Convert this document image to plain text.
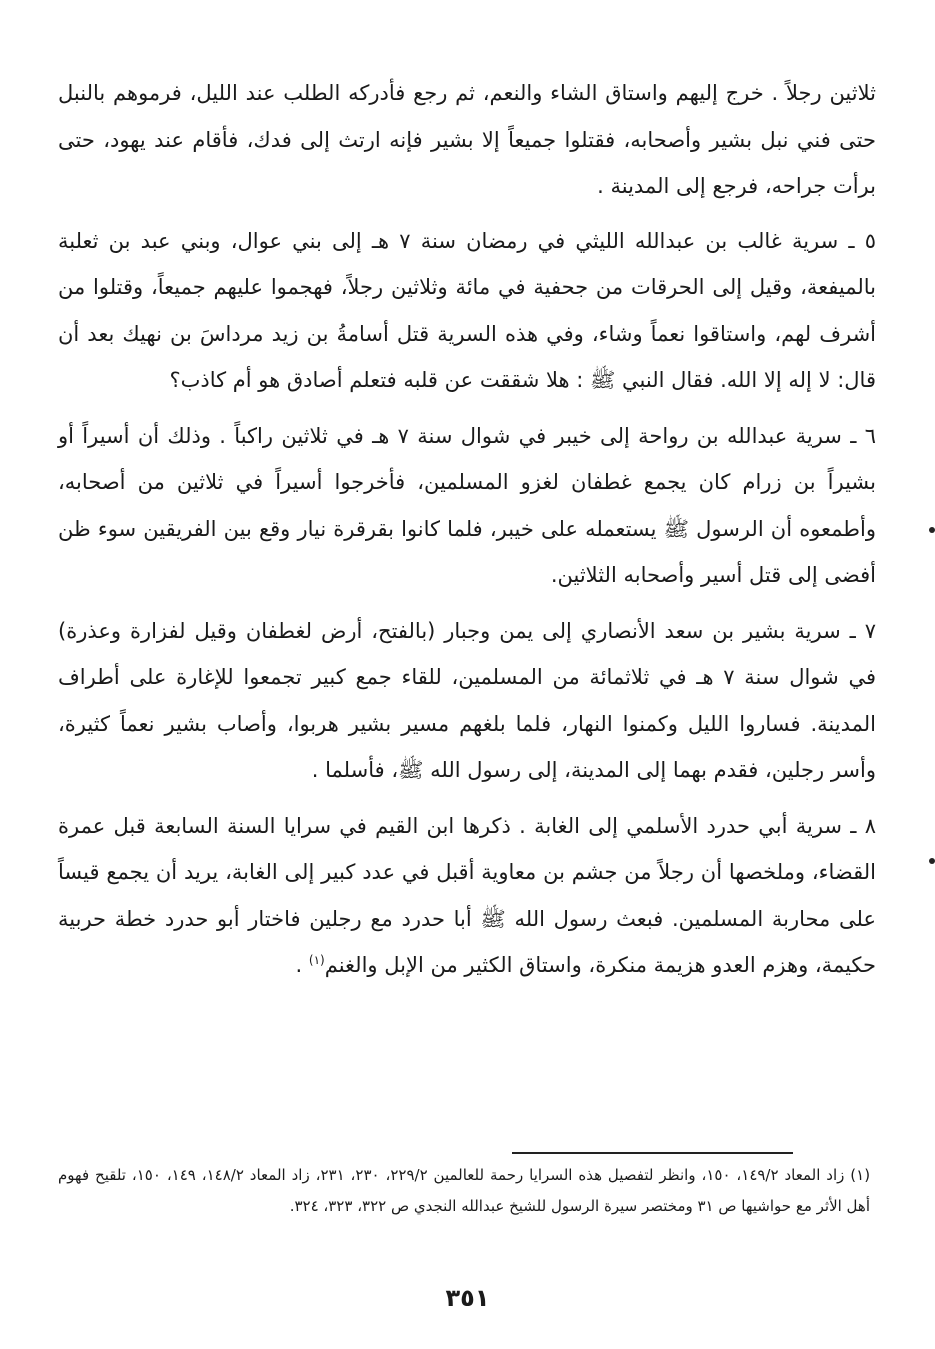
ثلاثين رجلاً . خرج إليهم واستاق الشاء والنعم، ثم رجع فأدركه الطلب عند الليل، فرموهم بالنبل حتى فني نبل بشير وأصحابه، فقتلوا جميعاً إلا بشير فإنه ارتث إلى فدك، فأقام عند يهود، حتى برأت جراحه، فرجع إلى المدينة .

٥ ـ سرية غالب بن عبدالله الليثي في رمضان سنة ٧ هـ إلى بني عوال، وبني عبد بن ثعلبة بالميفعة، وقيل إلى الحرقات من جحفية في مائة وثلاثين رجلاً، فهجموا عليهم جميعاً، وقتلوا من أشرف لهم، واستاقوا نعماً وشاء، وفي هذه السرية قتل أسامةُ بن زيد مرداسَ بن نهيك بعد أن قال: لا إله إلا الله. فقال النبي ﷺ : هلا شققت عن قلبه فتعلم أصادق هو أم كاذب؟

٦ ـ سرية عبدالله بن رواحة إلى خيبر في شوال سنة ٧ هـ في ثلاثين راكباً . وذلك أن أسيراً أو بشيراً بن زرام كان يجمع غطفان لغزو المسلمين، فأخرجوا أسيراً في ثلاثين من أصحابه، وأطمعوه أن الرسول ﷺ يستعمله على خيبر، فلما كانوا بقرقرة نيار وقع بين الفريقين سوء ظن أفضى إلى قتل أسير وأصحابه الثلاثين.

٧ ـ سرية بشير بن سعد الأنصاري إلى يمن وجبار (بالفتح، أرض لغطفان وقيل لفزارة وعذرة) في شوال سنة ٧ هـ في ثلاثمائة من المسلمين، للقاء جمع كبير تجمعوا للإغارة على أطراف المدينة. فساروا الليل وكمنوا النهار، فلما بلغهم مسير بشير هربوا، وأصاب بشير نعماً كثيرة، وأسر رجلين، فقدم بهما إلى المدينة، إلى رسول الله ﷺ، فأسلما .

٨ ـ سرية أبي حدرد الأسلمي إلى الغابة . ذكرها ابن القيم في سرايا السنة السابعة قبل عمرة القضاء، وملخصها أن رجلاً من جشم بن معاوية أقبل في عدد كبير إلى الغابة، يريد أن يجمع قيساً على محاربة المسلمين. فبعث رسول الله ﷺ أبا حدرد مع رجلين فاختار أبو حدرد خطة حربية حكيمة، وهزم العدو هزيمة منكرة، واستاق الكثير من الإبل والغنم$^{(١)}$ .

(١) زاد المعاد ١٤٩/٢، ١٥٠، وانظر لتفصيل هذه السرايا رحمة للعالمين ٢٢٩/٢، ٢٣٠، ٢٣١، زاد المعاد ١٤٨/٢، ١٤٩، ١٥٠، تلقيح فهوم أهل الأثر مع حواشيها ص ٣١ ومختصر سيرة الرسول للشيخ عبدالله النجدي ص ٣٢٢، ٣٢٣، ٣٢٤.
٣٥١
